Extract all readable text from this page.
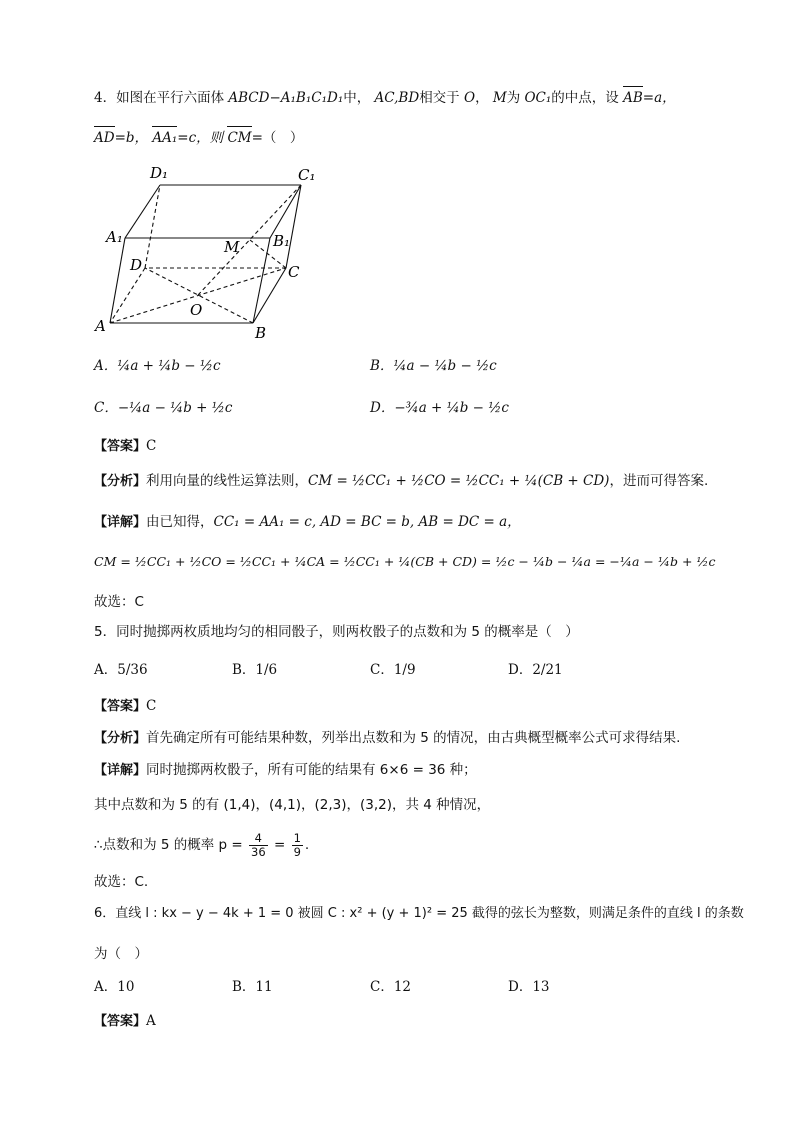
4．如图在平行六面体 ABCD−A₁B₁C₁D₁中， AC,BD相交于 O， M为 OC₁的中点，设 AB=a，
AD=b， AA₁=c，则 CM=（　）
D₁	C₁
A₁	B₁
M
D	C
O
A	B
A．¼a + ¼b − ½c	B．¼a − ¼b − ½c
C．−¼a − ¼b + ½c	D．−¾a + ¼b − ½c
【答案】C
【分析】利用向量的线性运算法则，CM = ½CC₁ + ½CO = ½CC₁ + ¼(CB + CD)，进而可得答案.
【详解】由已知得，CC₁ = AA₁ = c, AD = BC = b, AB = DC = a，
CM = ½CC₁ + ½CO = ½CC₁ + ¼CA = ½CC₁ + ¼(CB + CD) = ½c − ¼b − ¼a = −¼a − ¼b + ½c
故选：C
5．同时抛掷两枚质地均匀的相同骰子，则两枚骰子的点数和为 5 的概率是（　）
A．5/36	B．1/6	C．1/9	D．2/21
【答案】C
【分析】首先确定所有可能结果种数，列举出点数和为 5 的情况，由古典概型概率公式可求得结果.
【详解】同时抛掷两枚骰子，所有可能的结果有 6×6 = 36 种；
其中点数和为 5 的有 (1,4)，(4,1)，(2,3)，(3,2)，共 4 种情况，
∴点数和为 5 的概率 $p = \frac{4}{36} = \frac{1}{9}$ .
故选：C.
6．直线 l : kx − y − 4k + 1 = 0 被圆 C : x² + (y + 1)² = 25 截得的弦长为整数，则满足条件的直线 l 的条数
为（　）
A．10	B．11	C．12	D．13
【答案】A
